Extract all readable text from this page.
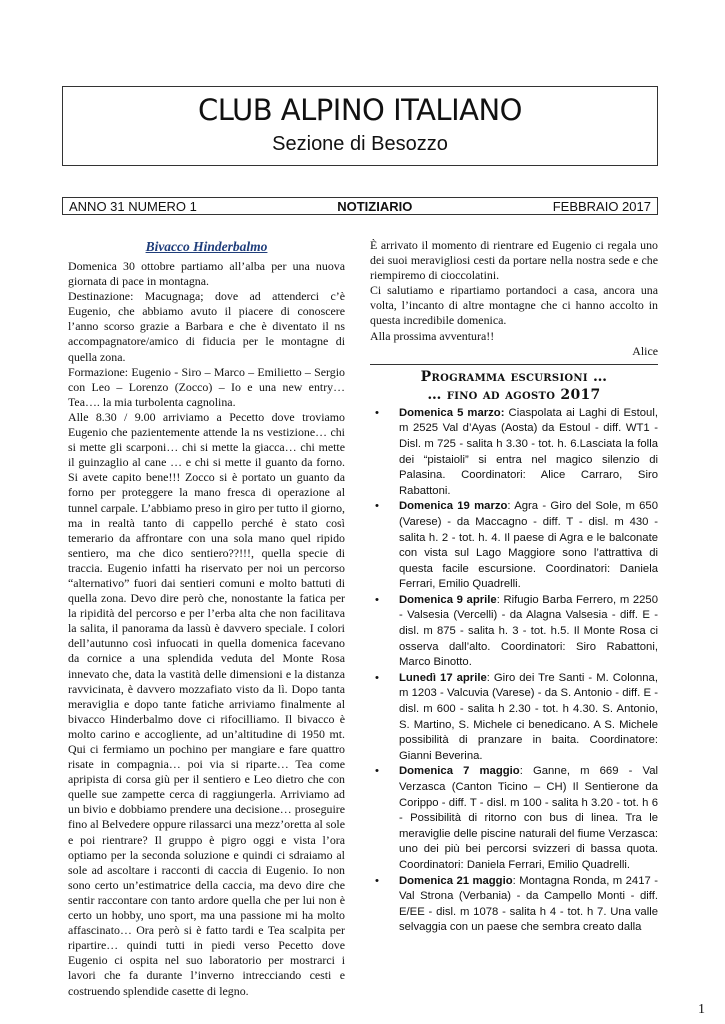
CLUB ALPINO ITALIANO
Sezione di Besozzo
ANNO 31 NUMERO 1	NOTIZIARIO	FEBBRAIO 2017
Bivacco Hinderbalmo

Domenica 30 ottobre partiamo all’alba per una nuova giornata di pace in montagna.

Destinazione: Macugnaga; dove ad attenderci c’è Eugenio, che abbiamo avuto il piacere di conoscere l’anno scorso grazie a Barbara e che è diventato il ns accompagnatore/amico di fiducia per le montagne di quella zona.

Formazione: Eugenio - Siro – Marco – Emilietto – Sergio con Leo – Lorenzo (Zocco) – Io e una new entry… Tea…. la mia turbolenta cagnolina.

Alle 8.30 / 9.00 arriviamo a Pecetto dove troviamo Eugenio che pazientemente attende la ns vestizione… chi si mette gli scarponi… chi si mette la giacca… chi mette il guinzaglio al cane … e chi si mette il guanto da forno. Si avete capito bene!!! Zocco si è portato un guanto da forno per proteggere la mano fresca di operazione al tunnel carpale. L’abbiamo preso in giro per tutto il giorno, ma in realtà tanto di cappello perché è stato così temerario da affrontare con una sola mano quel ripido sentiero, ma che dico sentiero??!!!, quella specie di traccia. Eugenio infatti ha riservato per noi un percorso “alternativo” fuori dai sentieri comuni e molto battuti di quella zona. Devo dire però che, nonostante la fatica per la ripidità del percorso e per l’erba alta che non facilitava la salita, il panorama da lassù è davvero speciale. I colori dell’autunno così infuocati in quella domenica facevano da cornice a una splendida veduta del Monte Rosa innevato che, data la vastità delle dimensioni e la distanza ravvicinata, è davvero mozzafiato visto da lì. Dopo tanta meraviglia e dopo tante fatiche arriviamo finalmente al bivacco Hinderbalmo dove ci rifocilliamo. Il bivacco è molto carino e accogliente, ad un’altitudine di 1950 mt. Qui ci fermiamo un pochino per mangiare e fare quattro risate in compagnia… poi via si riparte… Tea come apripista di corsa giù per il sentiero e Leo dietro che con quelle sue zampette cerca di raggiungerla. Arriviamo ad un bivio e dobbiamo prendere una decisione… proseguire fino al Belvedere oppure rilassarci una mezz’oretta al sole e poi rientrare? Il gruppo è pigro oggi e vista l’ora optiamo per la seconda soluzione e quindi ci sdraiamo al sole ad ascoltare i racconti di caccia di Eugenio. Io non sono certo un’estimatrice della caccia, ma devo dire che sentir raccontare con tanto ardore quella che per lui non è certo un hobby, uno sport, ma una passione mi ha molto affascinato… Ora però si è fatto tardi e Tea scalpita per ripartire… quindi tutti in piedi verso Pecetto dove Eugenio ci ospita nel suo laboratorio per mostrarci i lavori che fa durante l’inverno intrecciando cesti e costruendo splendide casette di legno.

È arrivato il momento di rientrare ed Eugenio ci regala uno dei suoi meravigliosi cesti da portare nella nostra sede e che riempiremo di cioccolatini.

Ci salutiamo e ripartiamo portandoci a casa, ancora una volta, l’incanto di altre montagne che ci hanno accolto in questa incredibile domenica.

Alla prossima avventura!!

Alice

Programma escursioni …
… fino ad agosto 2017
• Domenica 5 marzo: Ciaspolata ai Laghi di Estoul, m 2525 Val d’Ayas (Aosta) da Estoul - diff. WT1 - Disl. m 725 - salita h 3.30 - tot. h. 6.Lasciata la folla dei “pistaioli” si entra nel magico silenzio di Palasina. Coordinatori: Alice Carraro, Siro Rabattoni.
• Domenica 19 marzo: Agra - Giro del Sole, m 650 (Varese) - da Maccagno - diff. T - disl. m 430 - salita h. 2 - tot. h. 4. Il paese di Agra e le balconate con vista sul Lago Maggiore sono l’attrattiva di questa facile escursione. Coordinatori: Daniela Ferrari, Emilio Quadrelli.
• Domenica 9 aprile: Rifugio Barba Ferrero, m 2250 - Valsesia (Vercelli) - da Alagna Valsesia - diff. E - disl. m 875 - salita h. 3 - tot. h.5. Il Monte Rosa ci osserva dall’alto. Coordinatori: Siro Rabattoni, Marco Binotto.
• Lunedì 17 aprile: Giro dei Tre Santi - M. Colonna, m 1203 - Valcuvia (Varese) - da S. Antonio - diff. E - disl. m 600 - salita h 2.30 - tot. h 4.30. S. Antonio, S. Martino, S. Michele ci benedicano. A S. Michele possibilità di pranzare in baita. Coordinatore: Gianni Beverina.
• Domenica 7 maggio: Ganne, m 669 - Val Verzasca (Canton Ticino – CH) Il Sentierone da Corippo - diff. T - disl. m 100 - salita h 3.20 - tot. h 6 - Possibilità di ritorno con bus di linea. Tra le meraviglie delle piscine naturali del fiume Verzasca: uno dei più bei percorsi svizzeri di bassa quota. Coordinatori: Daniela Ferrari, Emilio Quadrelli.
• Domenica 21 maggio: Montagna Ronda, m 2417 - Val Strona (Verbania) - da Campello Monti - diff. E/EE - disl. m 1078 - salita h 4 - tot. h 7. Una valle selvaggia con un paese che sembra creato dalla
1
